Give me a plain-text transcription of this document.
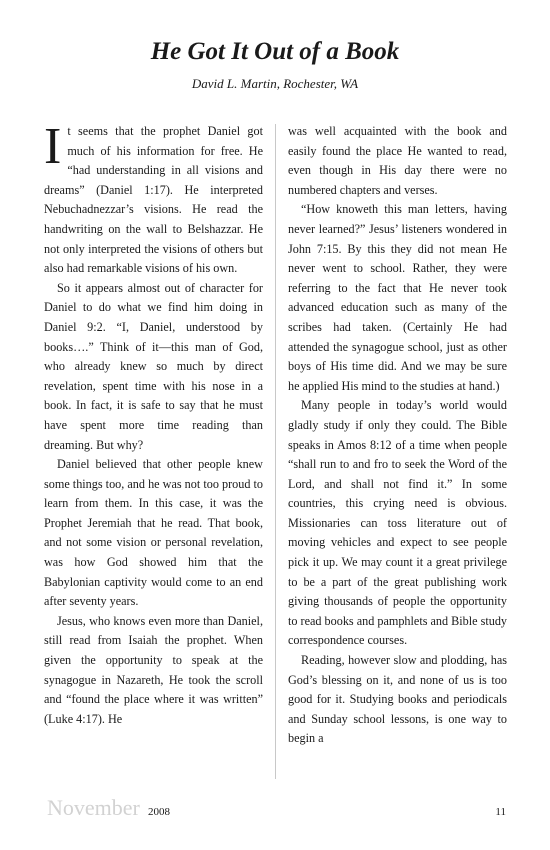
He Got It Out of a Book
David L. Martin, Rochester, WA

It seems that the prophet Daniel got much of his information for free. He “had understanding in all visions and dreams” (Daniel 1:17). He interpreted Nebuchadnezzar’s visions. He read the handwriting on the wall to Belshazzar. He not only interpreted the visions of others but also had remarkable visions of his own.

So it appears almost out of character for Daniel to do what we find him doing in Daniel 9:2. “I, Daniel, understood by books….” Think of it—this man of God, who already knew so much by direct revelation, spent time with his nose in a book. In fact, it is safe to say that he must have spent more time reading than dreaming. But why?

Daniel believed that other people knew some things too, and he was not too proud to learn from them. In this case, it was the Prophet Jeremiah that he read. That book, and not some vision or personal revelation, was how God showed him that the Babylonian captivity would come to an end after seventy years.

Jesus, who knows even more than Daniel, still read from Isaiah the prophet. When given the opportunity to speak at the synagogue in Nazareth, He took the scroll and “found the place where it was written” (Luke 4:17). He

was well acquainted with the book and easily found the place He wanted to read, even though in His day there were no numbered chapters and verses.

“How knoweth this man letters, having never learned?” Jesus’ listeners wondered in John 7:15. By this they did not mean He never went to school. Rather, they were referring to the fact that He never took advanced education such as many of the scribes had taken. (Certainly He had attended the synagogue school, just as other boys of His time did. And we may be sure he applied His mind to the studies at hand.)

Many people in today’s world would gladly study if only they could. The Bible speaks in Amos 8:12 of a time when people “shall run to and fro to seek the Word of the Lord, and shall not find it.” In some countries, this crying need is obvious. Missionaries can toss literature out of moving vehicles and expect to see people pick it up. We may count it a great privilege to be a part of the great publishing work giving thousands of people the opportunity to read books and pamphlets and Bible study correspondence courses.

Reading, however slow and plodding, has God’s blessing on it, and none of us is too good for it. Studying books and periodicals and Sunday school lessons, is one way to begin a

November 2008	11
